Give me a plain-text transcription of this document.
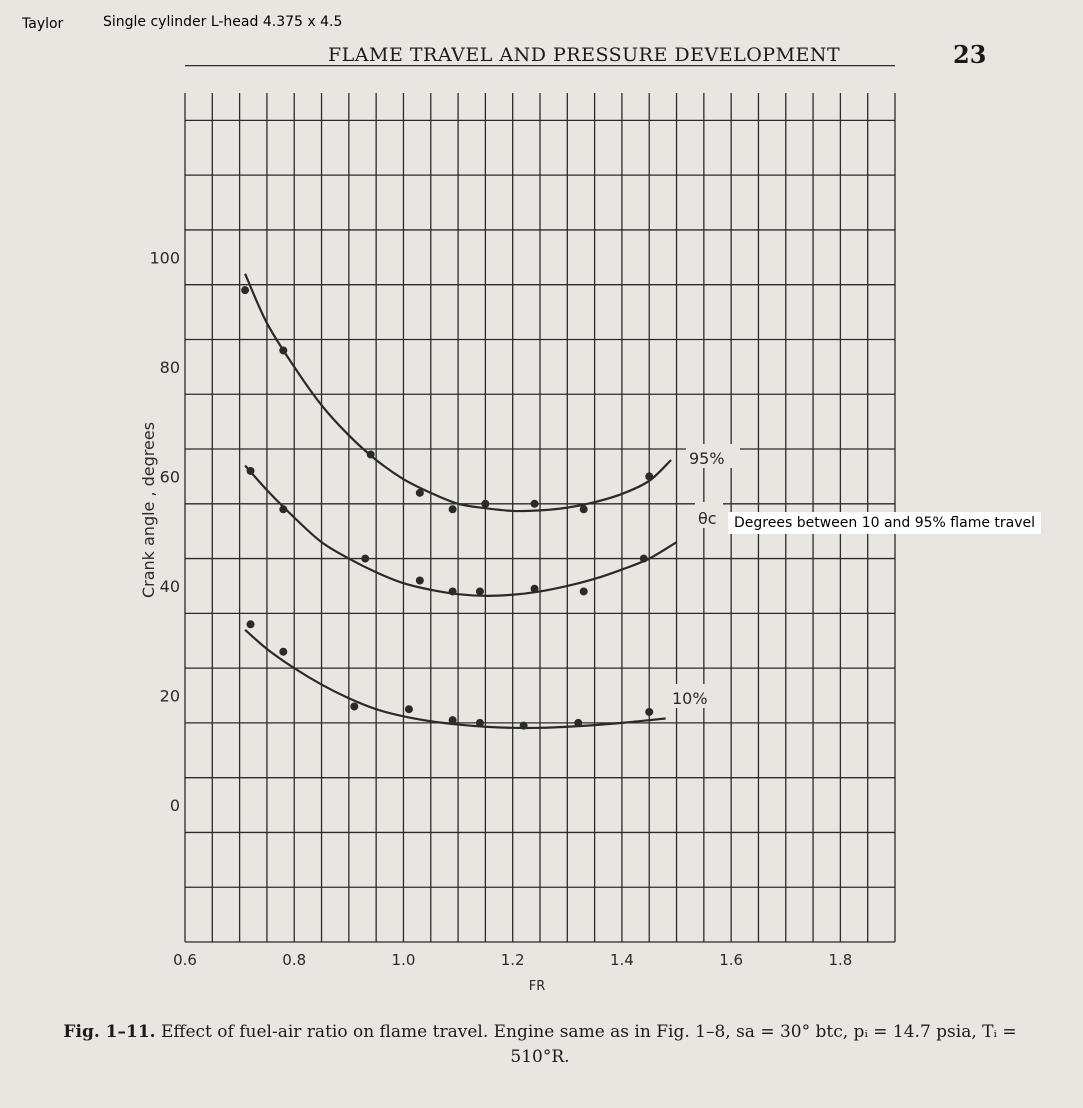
Taylor	Single cylinder L-head 4.375 x 4.5
FLAME TRAVEL AND PRESSURE DEVELOPMENT	23
0.6	0.8	1.0	1.2	1.4	1.6	1.8
0
20
40
60
80
100
FR
Crank angle , degrees	95%
θc
10%
Degrees between 10 and 95% flame travel
Fig. 1–11. Effect of fuel-air ratio on flame travel. Engine same as in Fig. 1–8, sa = 30° btc, pᵢ = 14.7 psia, Tᵢ = 510°R.
